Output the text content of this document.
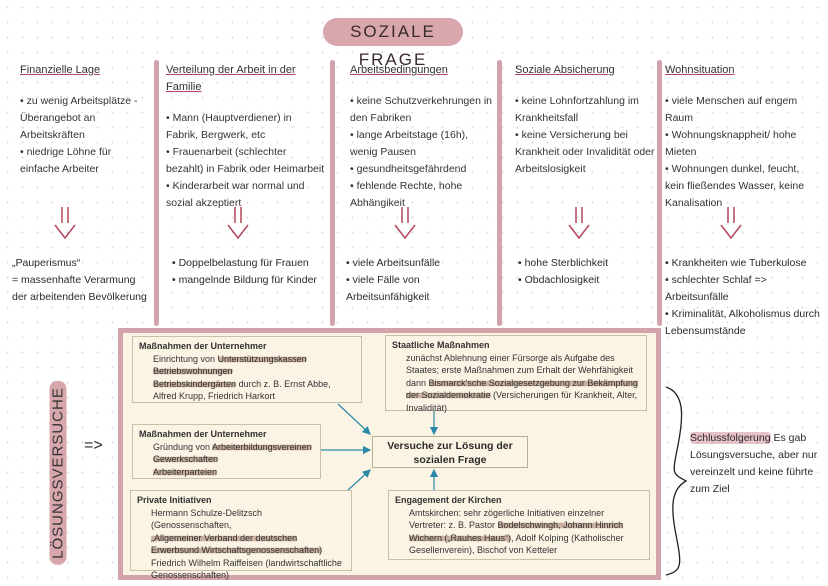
SOZIALE FRAGE
Finanzielle Lage
• zu wenig Arbeitsplätze - Überangebot an Arbeitskräften
• niedrige Löhne für einfache Arbeiter
Verteilung der Arbeit in der Familie
• Mann (Hauptverdiener) in Fabrik, Bergwerk, etc
• Frauenarbeit (schlechter bezahlt) in Fabrik oder Heimarbeit
• Kinderarbeit war normal und sozial akzeptiert
Arbeitsbedingungen
• keine Schutzverkehrungen in den Fabriken
• lange Arbeitstage (16h), wenig Pausen
• gesundheitsgefährdend
• fehlende Rechte, hohe Abhängikeit
Soziale Absicherung
• keine Lohnfortzahlung im Krankheitsfall
• keine Versicherung bei Krankheit oder Invalidität oder Arbeitslosigkeit
Wohnsituation
• viele Menschen auf engem Raum
• Wohnungsknappheit/ hohe Mieten
• Wohnungen dunkel, feucht, kein fließendes Wasser, keine Kanalisation
„Pauperismus“
= massenhafte Verarmung der arbeitenden Bevölkerung
• Doppelbelastung für Frauen
• mangelnde Bildung für Kinder
• viele Arbeitsunfälle
• viele Fälle von Arbeitsunfähigkeit
• hohe Sterblichkeit
• Obdachlosigkeit
• Krankheiten wie Tuberkulose
• schlechter Schlaf => Arbeitsunfälle
• Kriminalität, Alkoholismus durch Lebensumstände
LÖSUNGSVERSUCHE =>
Maßnahmen der Unternehmer

Einrichtung von Unterstützungskassen

Betriebswohnungen

Betriebskindergärten durch z. B. Ernst Abbe, Alfred Krupp, Friedrich Harkort

Maßnahmen der Unternehmer

Gründung von Arbeiterbildungsvereinen

Gewerkschaften

Arbeiterparteien

Staatliche Maßnahmen

zunächst Ablehnung einer Fürsorge als Aufgabe des Staates; erste Maßnahmen zum Erhalt der Wehrfähigkeit
dann Bismarck'sche Sozialgesetzgebung zur Bekämpfung der Sozialdemokratie (Versicherungen für Krankheit, Alter, Invalidität)

Versuche zur Lösung der sozialen Frage
Private Initiativen

Hermann Schulze-Delitzsch (Genossenschaften,
„Allgemeiner Verband der deutschen Erwerbsund Wirtschaftsgenossenschaften)
Friedrich Wilhelm Raiffeisen (landwirtschaftliche Genossenschaften)

Engagement der Kirchen

Amtskirchen: sehr zögerliche Initiativen einzelner Vertreter: z. B. Pastor Bodelschwingh, Johann Hinrich Wichern („Rauhes Haus“), Adolf Kolping (Katholischer Gesellenverein), Bischof von Ketteler

Schlussfolgerung Es gab Lösungsversuche, aber nur vereinzelt und keine führte zum Ziel
